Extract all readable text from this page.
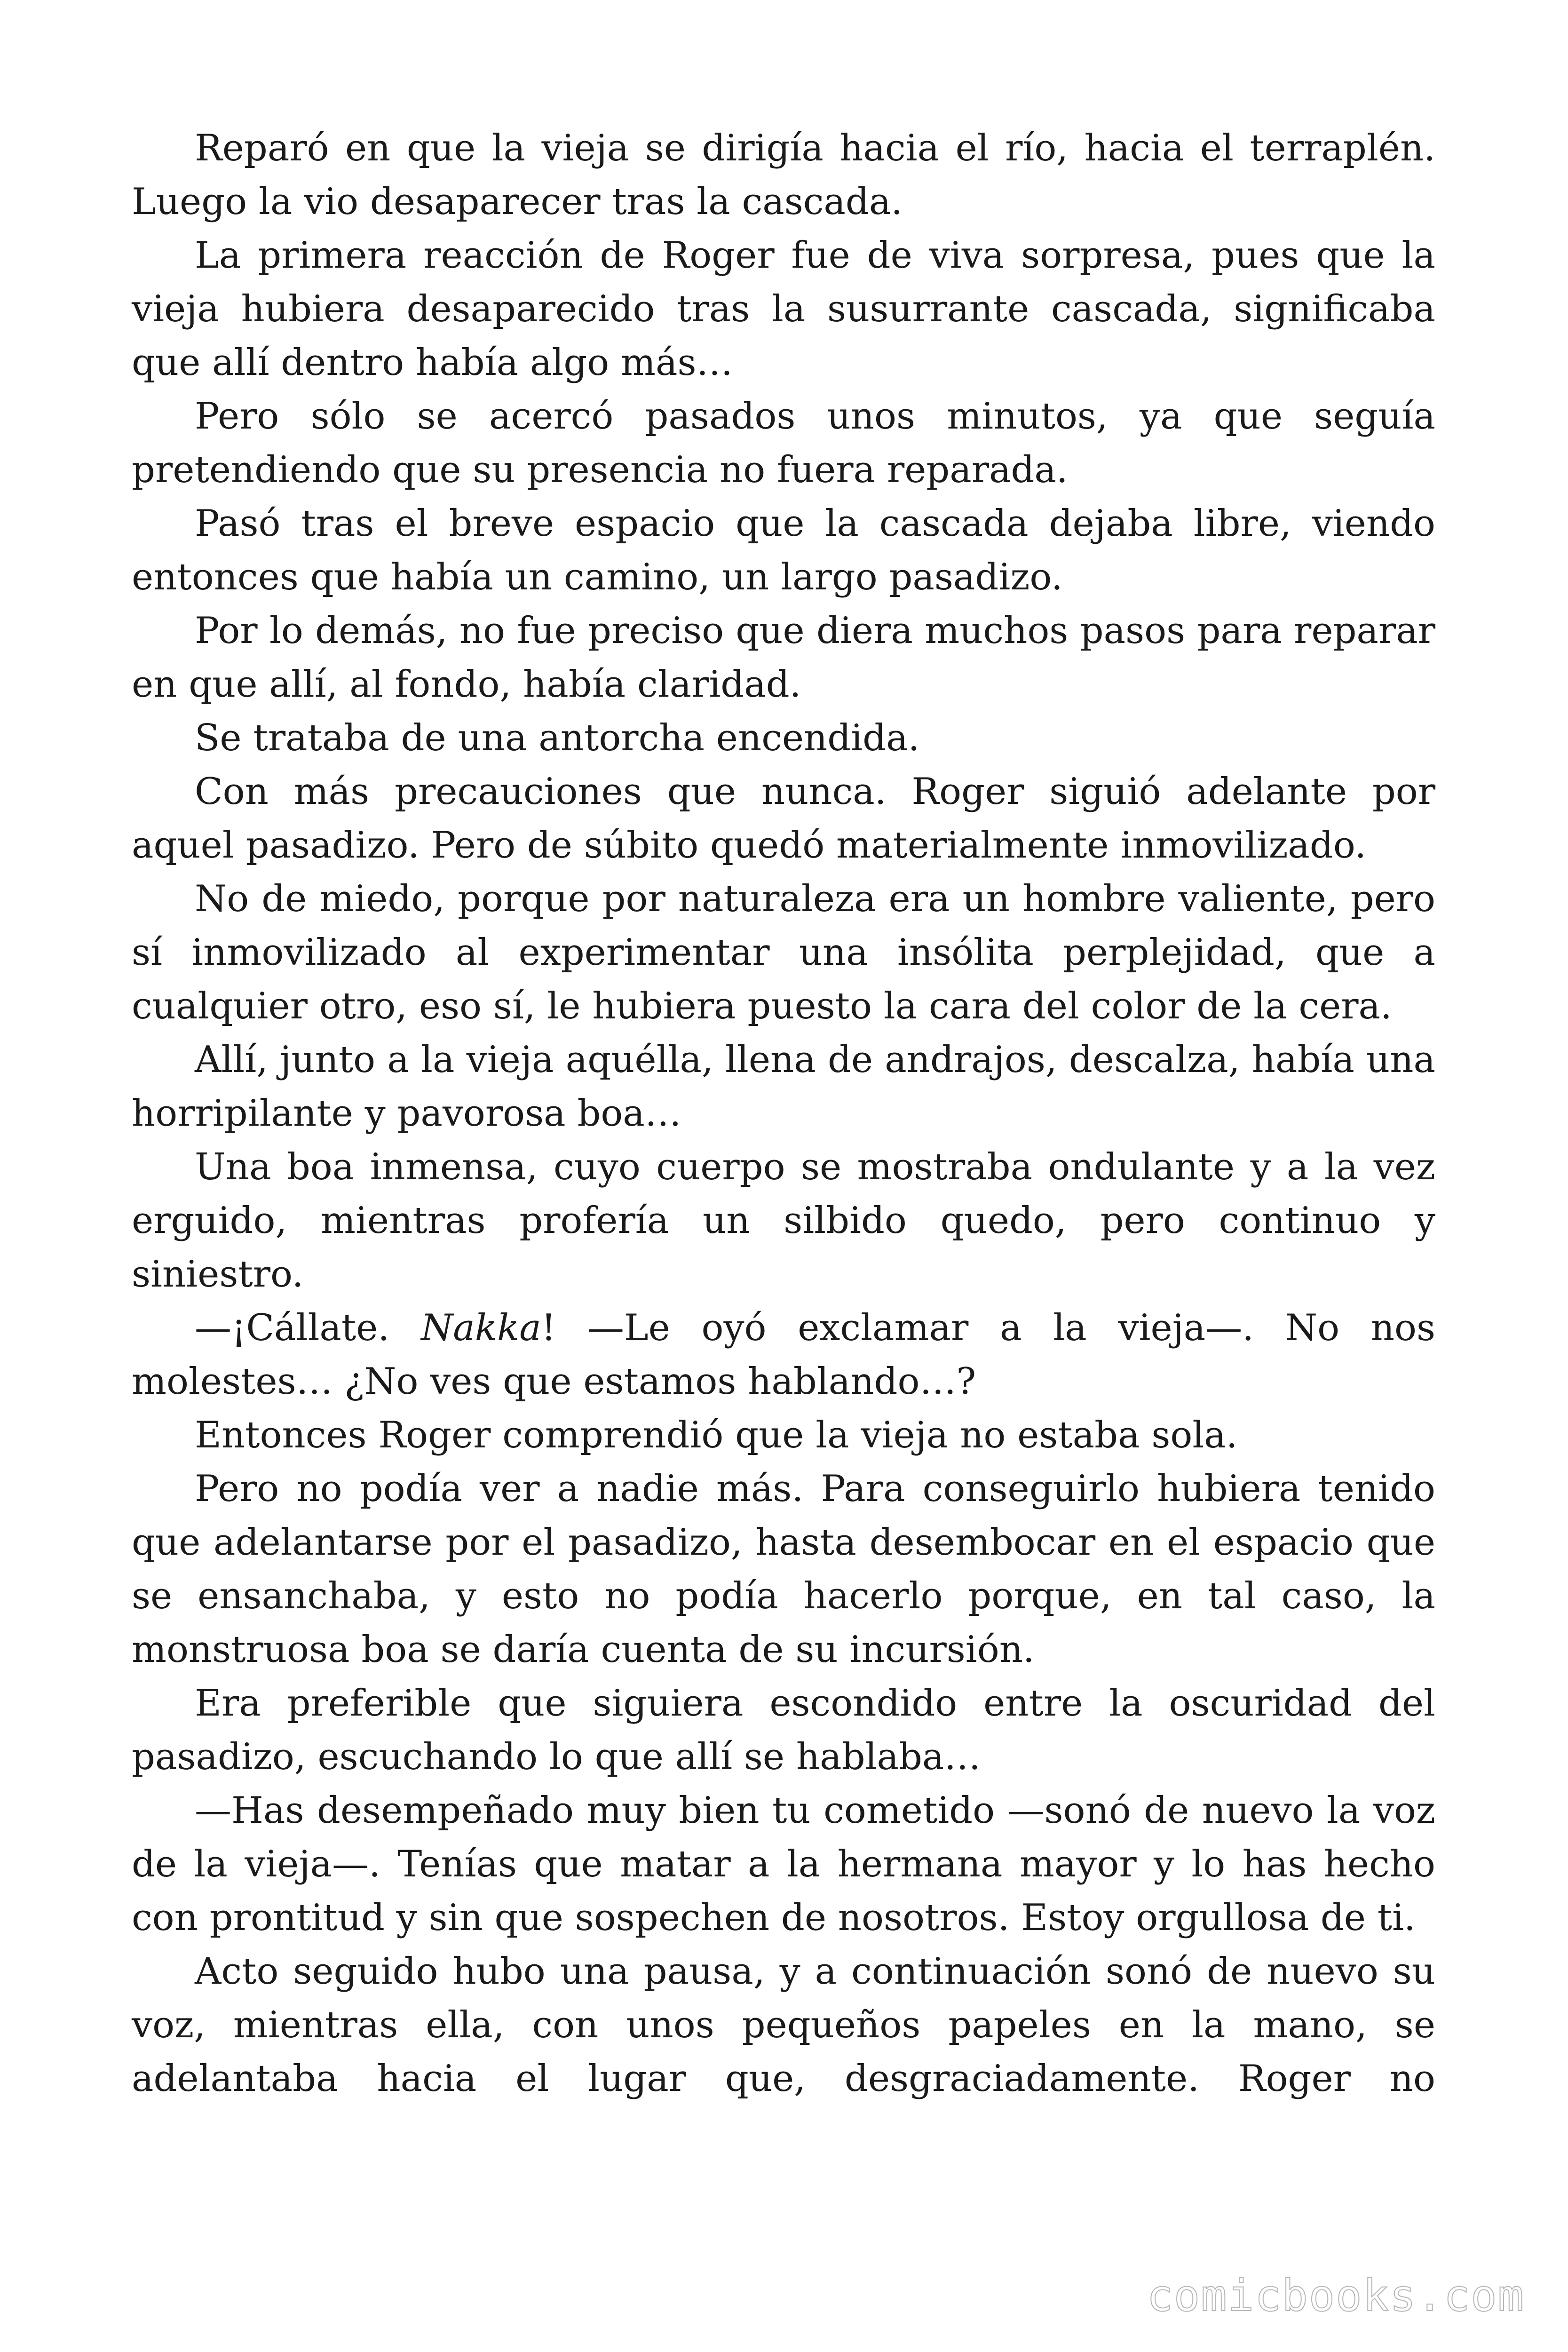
Reparó en que la vieja se dirigía hacia el río, hacia el terraplén. Luego la vio desaparecer tras la cascada.

La primera reacción de Roger fue de viva sorpresa, pues que la vieja hubiera desaparecido tras la susurrante cascada, significaba que allí dentro había algo más…

Pero sólo se acercó pasados unos minutos, ya que seguía pretendiendo que su presencia no fuera reparada.

Pasó tras el breve espacio que la cascada dejaba libre, viendo entonces que había un camino, un largo pasadizo.

Por lo demás, no fue preciso que diera muchos pasos para reparar en que allí, al fondo, había claridad.

Se trataba de una antorcha encendida.

Con más precauciones que nunca. Roger siguió adelante por aquel pasadizo. Pero de súbito quedó materialmente inmovilizado.

No de miedo, porque por naturaleza era un hombre valiente, pero sí inmovilizado al experimentar una insólita perplejidad, que a cualquier otro, eso sí, le hubiera puesto la cara del color de la cera.

Allí, junto a la vieja aquélla, llena de andrajos, descalza, había una horripilante y pavorosa boa…

Una boa inmensa, cuyo cuerpo se mostraba ondulante y a la vez erguido, mientras profería un silbido quedo, pero continuo y siniestro.

—¡Cállate. Nakka! —Le oyó exclamar a la vieja—. No nos molestes… ¿No ves que estamos hablando…?

Entonces Roger comprendió que la vieja no estaba sola.

Pero no podía ver a nadie más. Para conseguirlo hubiera tenido que adelantarse por el pasadizo, hasta desembocar en el espacio que se ensanchaba, y esto no podía hacerlo porque, en tal caso, la monstruosa boa se daría cuenta de su incursión.

Era preferible que siguiera escondido entre la oscuridad del pasadizo, escuchando lo que allí se hablaba…

—Has desempeñado muy bien tu cometido —sonó de nuevo la voz de la vieja—. Tenías que matar a la hermana mayor y lo has hecho con prontitud y sin que sospechen de nosotros. Estoy orgullosa de ti.

Acto seguido hubo una pausa, y a continuación sonó de nuevo su voz, mientras ella, con unos pequeños papeles en la mano, se adelantaba hacia el lugar que, desgraciadamente. Roger no

comicbooks.com
